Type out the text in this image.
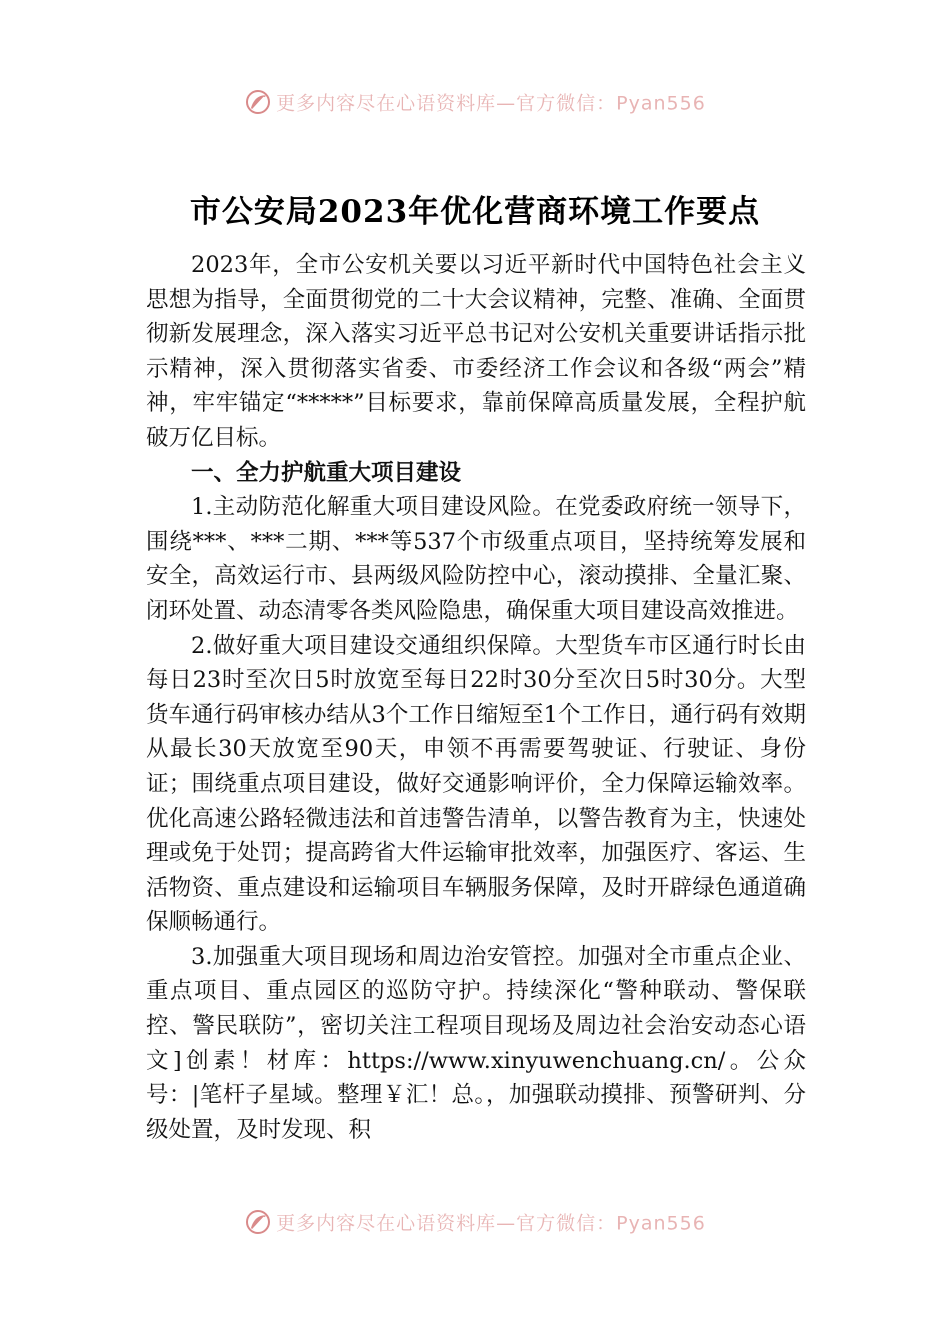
更多内容尽在心语资料库—官方微信：Pyan556
市公安局2023年优化营商环境工作要点

2023年，全市公安机关要以习近平新时代中国特色社会主义思想为指导，全面贯彻党的二十大会议精神，完整、准确、全面贯彻新发展理念，深入落实习近平总书记对公安机关重要讲话指示批示精神，深入贯彻落实省委、市委经济工作会议和各级“两会”精神，牢牢锚定“*****”目标要求，靠前保障高质量发展，全程护航破万亿目标。

一、全力护航重大项目建设

1.主动防范化解重大项目建设风险。在党委政府统一领导下，围绕***、***二期、***等537个市级重点项目，坚持统筹发展和安全，高效运行市、县两级风险防控中心，滚动摸排、全量汇聚、闭环处置、动态清零各类风险隐患，确保重大项目建设高效推进。

2.做好重大项目建设交通组织保障。大型货车市区通行时长由每日23时至次日5时放宽至每日22时30分至次日5时30分。大型货车通行码审核办结从3个工作日缩短至1个工作日，通行码有效期从最长30天放宽至90天，申领不再需要驾驶证、行驶证、身份证；围绕重点项目建设，做好交通影响评价，全力保障运输效率。优化高速公路轻微违法和首违警告清单，以警告教育为主，快速处理或免于处罚；提高跨省大件运输审批效率，加强医疗、客运、生活物资、重点建设和运输项目车辆服务保障，及时开辟绿色通道确保顺畅通行。

3.加强重大项目现场和周边治安管控。加强对全市重点企业、重点项目、重点园区的巡防守护。持续深化“警种联动、警保联控、警民联防”，密切关注工程项目现场及周边社会治安动态心语文]创素！材库：https://www.xinyuwenchuang.cn/。公众号：|笔杆子星域。整理￥汇！总。，加强联动摸排、预警研判、分级处置，及时发现、积

更多内容尽在心语资料库—官方微信：Pyan556
